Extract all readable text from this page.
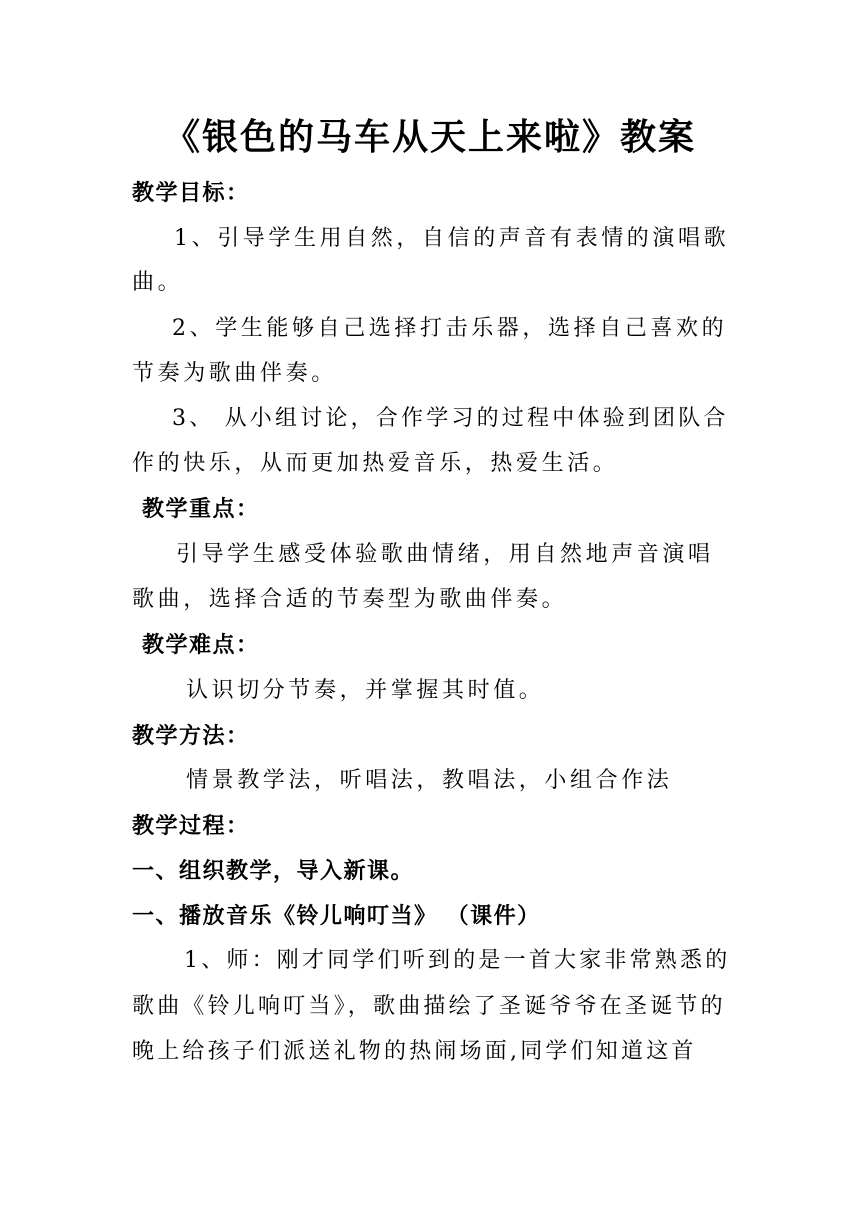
《银色的马车从天上来啦》教案
教学目标：
1、引导学生用自然，自信的声音有表情的演唱歌
曲。
2、学生能够自己选择打击乐器，选择自己喜欢的
节奏为歌曲伴奏。
3、 从小组讨论，合作学习的过程中体验到团队合
作的快乐，从而更加热爱音乐，热爱生活。
教学重点：
引导学生感受体验歌曲情绪，用自然地声音演唱
歌曲，选择合适的节奏型为歌曲伴奏。
教学难点：
认识切分节奏，并掌握其时值。
教学方法：
情景教学法，听唱法，教唱法，小组合作法
教学过程：
一、组织教学，导入新课。
一、播放音乐《铃儿响叮当》 （课件）
1、师：刚才同学们听到的是一首大家非常熟悉的
歌曲《铃儿响叮当》，歌曲描绘了圣诞爷爷在圣诞节的
晚上给孩子们派送礼物的热闹场面,同学们知道这首
